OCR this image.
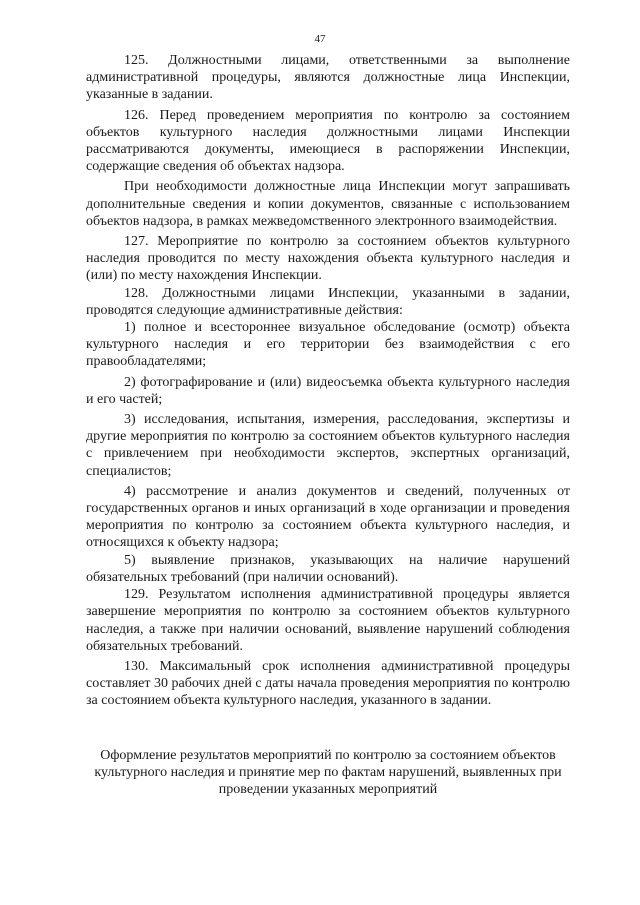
47

125. Должностными лицами, ответственными за выполнение административной процедуры, являются должностные лица Инспекции, указанные в задании.

126. Перед проведением мероприятия по контролю за состоянием объектов культурного наследия должностными лицами Инспекции рассматриваются документы, имеющиеся в распоряжении Инспекции, содержащие сведения об объектах надзора.

При необходимости должностные лица Инспекции могут запрашивать дополнительные сведения и копии документов, связанные с использованием объектов надзора, в рамках межведомственного электронного взаимодействия.

127. Мероприятие по контролю за состоянием объектов культурного наследия проводится по месту нахождения объекта культурного наследия и (или) по месту нахождения Инспекции.

128. Должностными лицами Инспекции, указанными в задании, проводятся следующие административные действия:

1) полное и всестороннее визуальное обследование (осмотр) объекта культурного наследия и его территории без взаимодействия с его правообладателями;

2) фотографирование и (или) видеосъемка объекта культурного наследия и его частей;

3) исследования, испытания, измерения, расследования, экспертизы и другие мероприятия по контролю за состоянием объектов культурного наследия с привлечением при необходимости экспертов, экспертных организаций, специалистов;

4) рассмотрение и анализ документов и сведений, полученных от государственных органов и иных организаций в ходе организации и проведения мероприятия по контролю за состоянием объекта культурного наследия, и относящихся к объекту надзора;

5) выявление признаков, указывающих на наличие нарушений обязательных требований (при наличии оснований).

129. Результатом исполнения административной процедуры является завершение мероприятия по контролю за состоянием объектов культурного наследия, а также при наличии оснований, выявление нарушений соблюдения обязательных требований.

130. Максимальный срок исполнения административной процедуры составляет 30 рабочих дней с даты начала проведения мероприятия по контролю за состоянием объекта культурного наследия, указанного в задании.

Оформление результатов мероприятий по контролю за состоянием объектов культурного наследия и принятие мер по фактам нарушений, выявленных при проведении указанных мероприятий
